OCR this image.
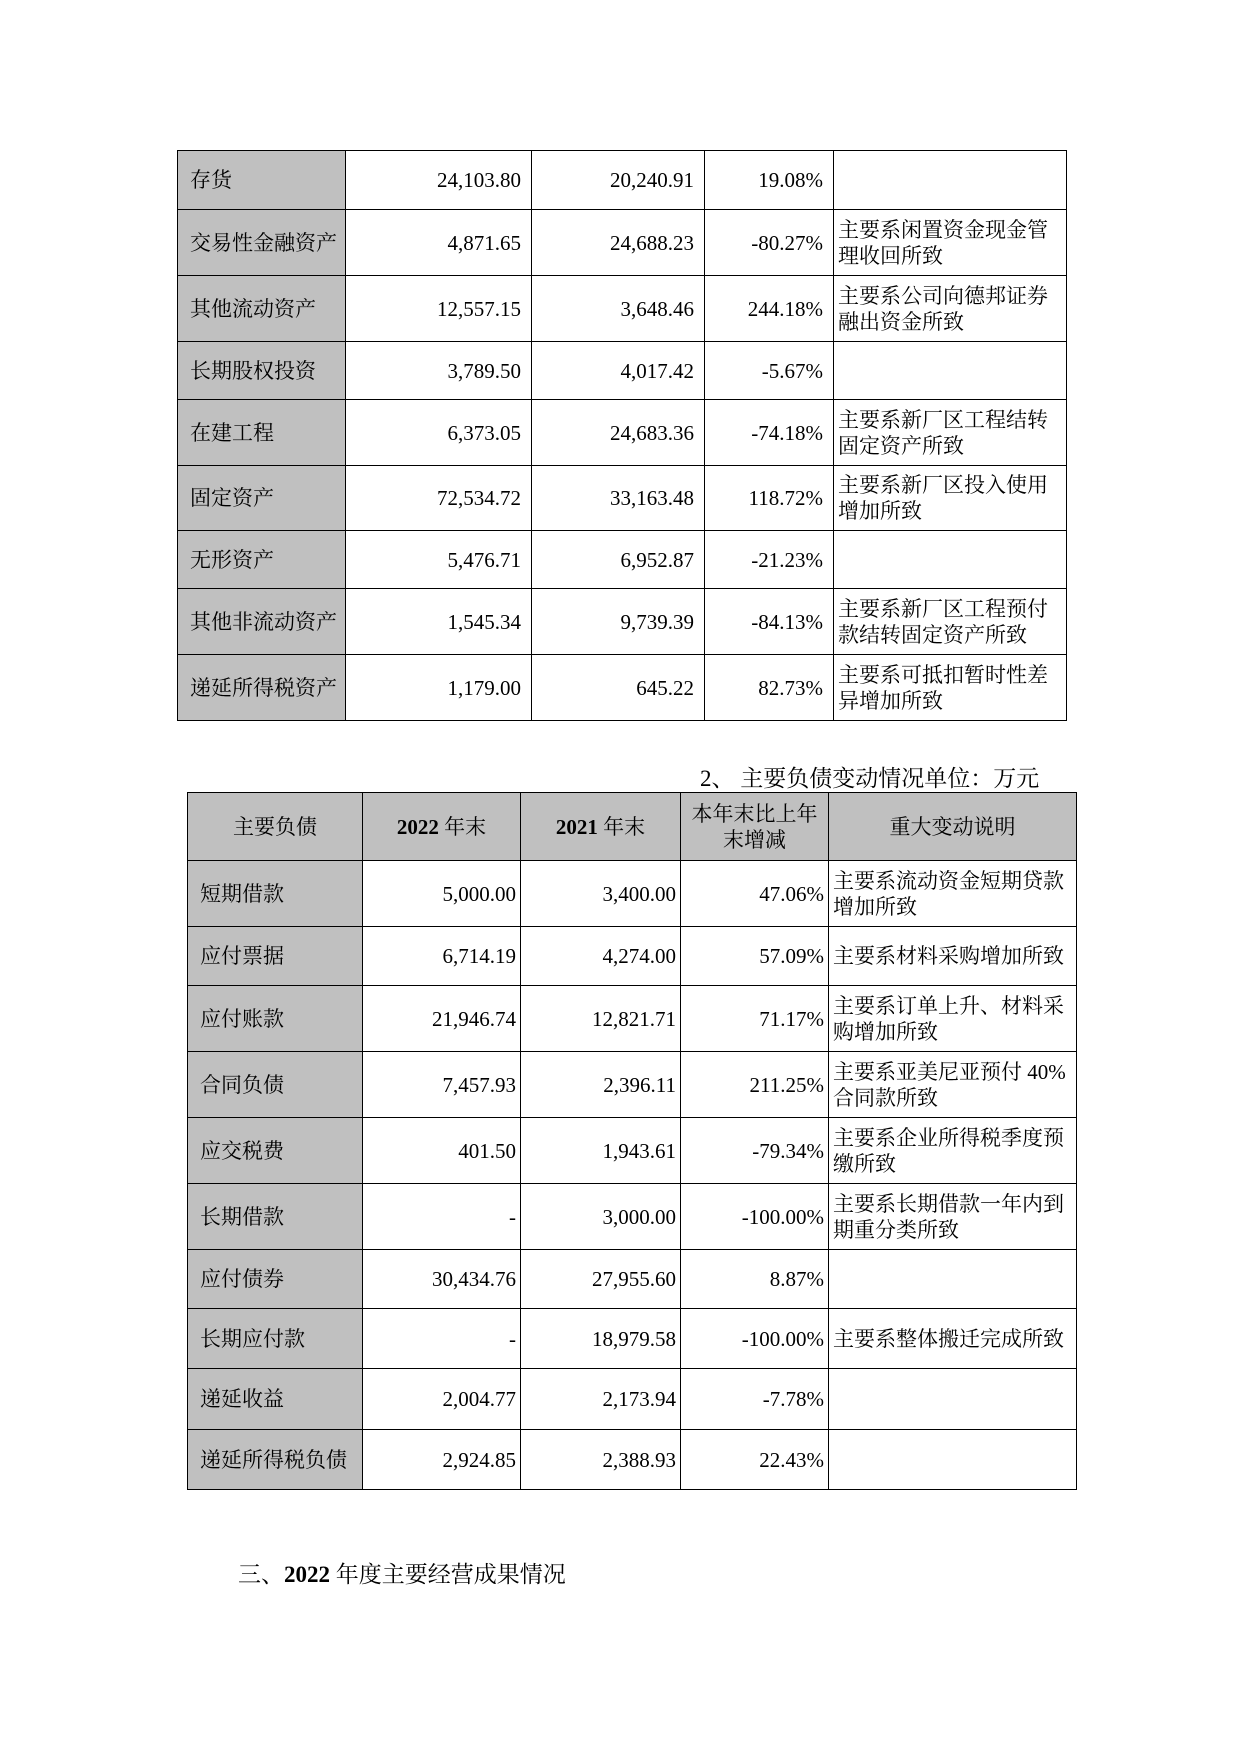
存货	24,103.80	20,240.91	19.08%	
交易性金融资产	4,871.65	24,688.23	-80.27%	主要系闲置资金现金管理收回所致
其他流动资产	12,557.15	3,648.46	244.18%	主要系公司向德邦证券融出资金所致
长期股权投资	3,789.50	4,017.42	-5.67%	
在建工程	6,373.05	24,683.36	-74.18%	主要系新厂区工程结转固定资产所致
固定资产	72,534.72	33,163.48	118.72%	主要系新厂区投入使用增加所致
无形资产	5,476.71	6,952.87	-21.23%	
其他非流动资产	1,545.34	9,739.39	-84.13%	主要系新厂区工程预付款结转固定资产所致
递延所得税资产	1,179.00	645.22	82.73%	主要系可抵扣暂时性差异增加所致
2、 主要负债变动情况单位：万元
主要负债	2022 年末	2021 年末	本年末比上年末增减	重大变动说明
短期借款	5,000.00	3,400.00	47.06%	主要系流动资金短期贷款增加所致
应付票据	6,714.19	4,274.00	57.09%	主要系材料采购增加所致
应付账款	21,946.74	12,821.71	71.17%	主要系订单上升、材料采购增加所致
合同负债	7,457.93	2,396.11	211.25%	主要系亚美尼亚预付 40% 合同款所致
应交税费	401.50	1,943.61	-79.34%	主要系企业所得税季度预缴所致
长期借款	-	3,000.00	-100.00%	主要系长期借款一年内到期重分类所致
应付债券	30,434.76	27,955.60	8.87%	
长期应付款	-	18,979.58	-100.00%	主要系整体搬迁完成所致
递延收益	2,004.77	2,173.94	-7.78%	
递延所得税负债	2,924.85	2,388.93	22.43%	
三、2022 年度主要经营成果情况
